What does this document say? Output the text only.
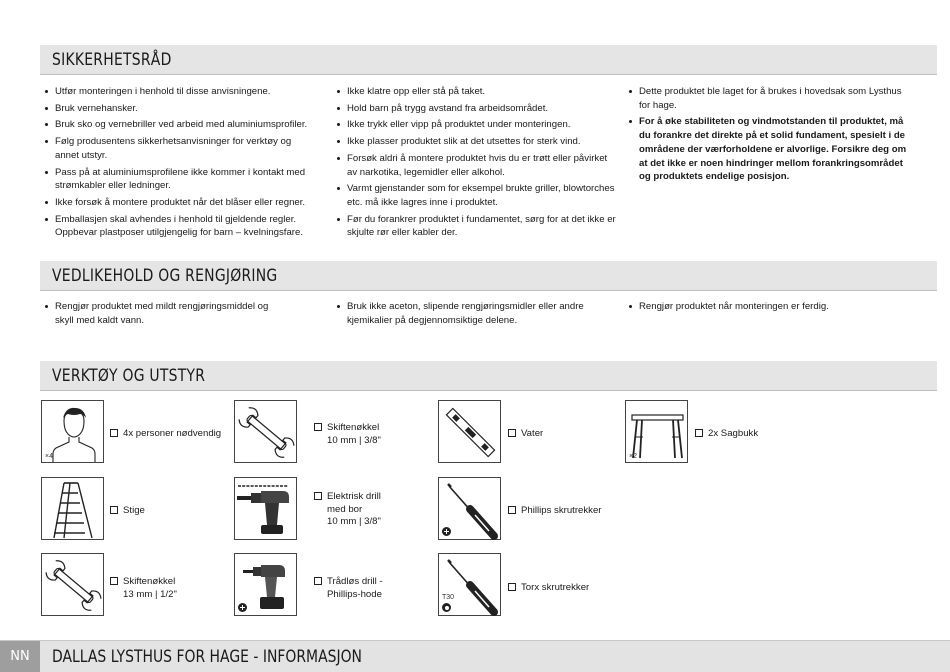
SIKKERHETSRÅD
Utfør monteringen i henhold til disse anvisningene.
Bruk vernehansker.
Bruk sko og vernebriller ved arbeid med aluminiumsprofiler.
Følg produsentens sikkerhetsanvisninger for verktøy og annet utstyr.
Pass på at aluminiumsprofilene ikke kommer i kontakt med strømkabler eller ledninger.
Ikke forsøk å montere produktet når det blåser eller regner.
Emballasjen skal avhendes i henhold til gjeldende regler. Oppbevar plastposer utilgjengelig for barn – kvelningsfare.
Ikke klatre opp eller stå på taket.
Hold barn på trygg avstand fra arbeidsområdet.
Ikke trykk eller vipp på produktet under monteringen.
Ikke plasser produktet slik at det utsettes for sterk vind.
Forsøk aldri å montere produktet hvis du er trøtt eller påvirket av narkotika, legemidler eller alkohol.
Varmt gjenstander som for eksempel brukte griller, blowtorches etc. må ikke lagres inne i produktet.
Før du forankrer produktet i fundamentet, sørg for at det ikke er skjulte rør eller kabler der.
Dette produktet ble laget for å brukes i hovedsak som Lysthus for hage.
For å øke stabiliteten og vindmotstanden til produktet, må du forankre det direkte på et solid fundament, spesielt i de områdene der værforholdene er alvorlige. Forsikre deg om at det ikke er noen hindringer mellom forankringsområdet og produktets endelige posisjon.
VEDLIKEHOLD OG RENGJØRING
Rengjør produktet med mildt rengjøringsmiddel og skyll med kaldt vann.
Bruk ikke aceton, slipende rengjøringsmidler eller andre kjemikalier på degjennomsiktige delene.
Rengjør produktet når monteringen er ferdig.
VERKTØY OG UTSTYR
×4
4x personer nødvendig
Skiftenøkkel
10 mm | 3/8"
Vater
×2
2x Sagbukk
Stige
Elektrisk drill
med bor
10 mm | 3/8"
Phillips skrutrekker
Skiftenøkkel
13 mm | 1/2"
Trådløs drill -
Phillips-hode	T30
Torx skrutrekker
NN	DALLAS LYSTHUS FOR HAGE - INFORMASJON
